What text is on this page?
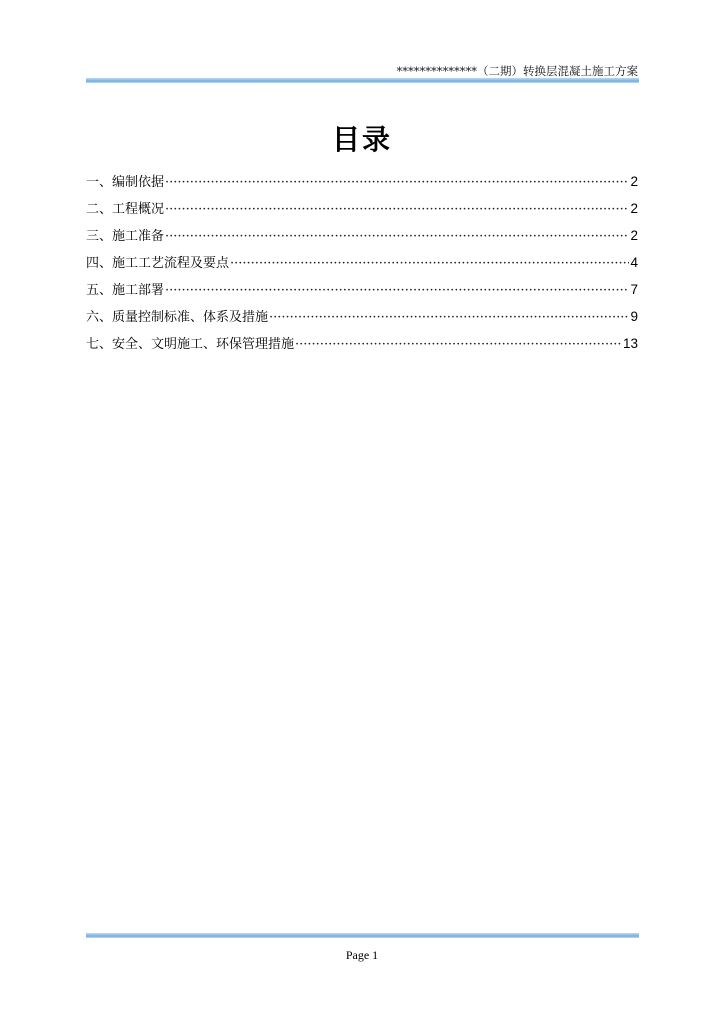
**************（二期）转换层混凝土施工方案
目录
一、编制依据 ·····	2
二、工程概况 ·····	2
三、施工准备 ·····	2
四、施工工艺流程及要点 ·····	4
五、施工部署 ·····	7
六、质量控制标准、体系及措施 ·····	9
七、安全、文明施工、环保管理措施 ·····	13
Page 1
